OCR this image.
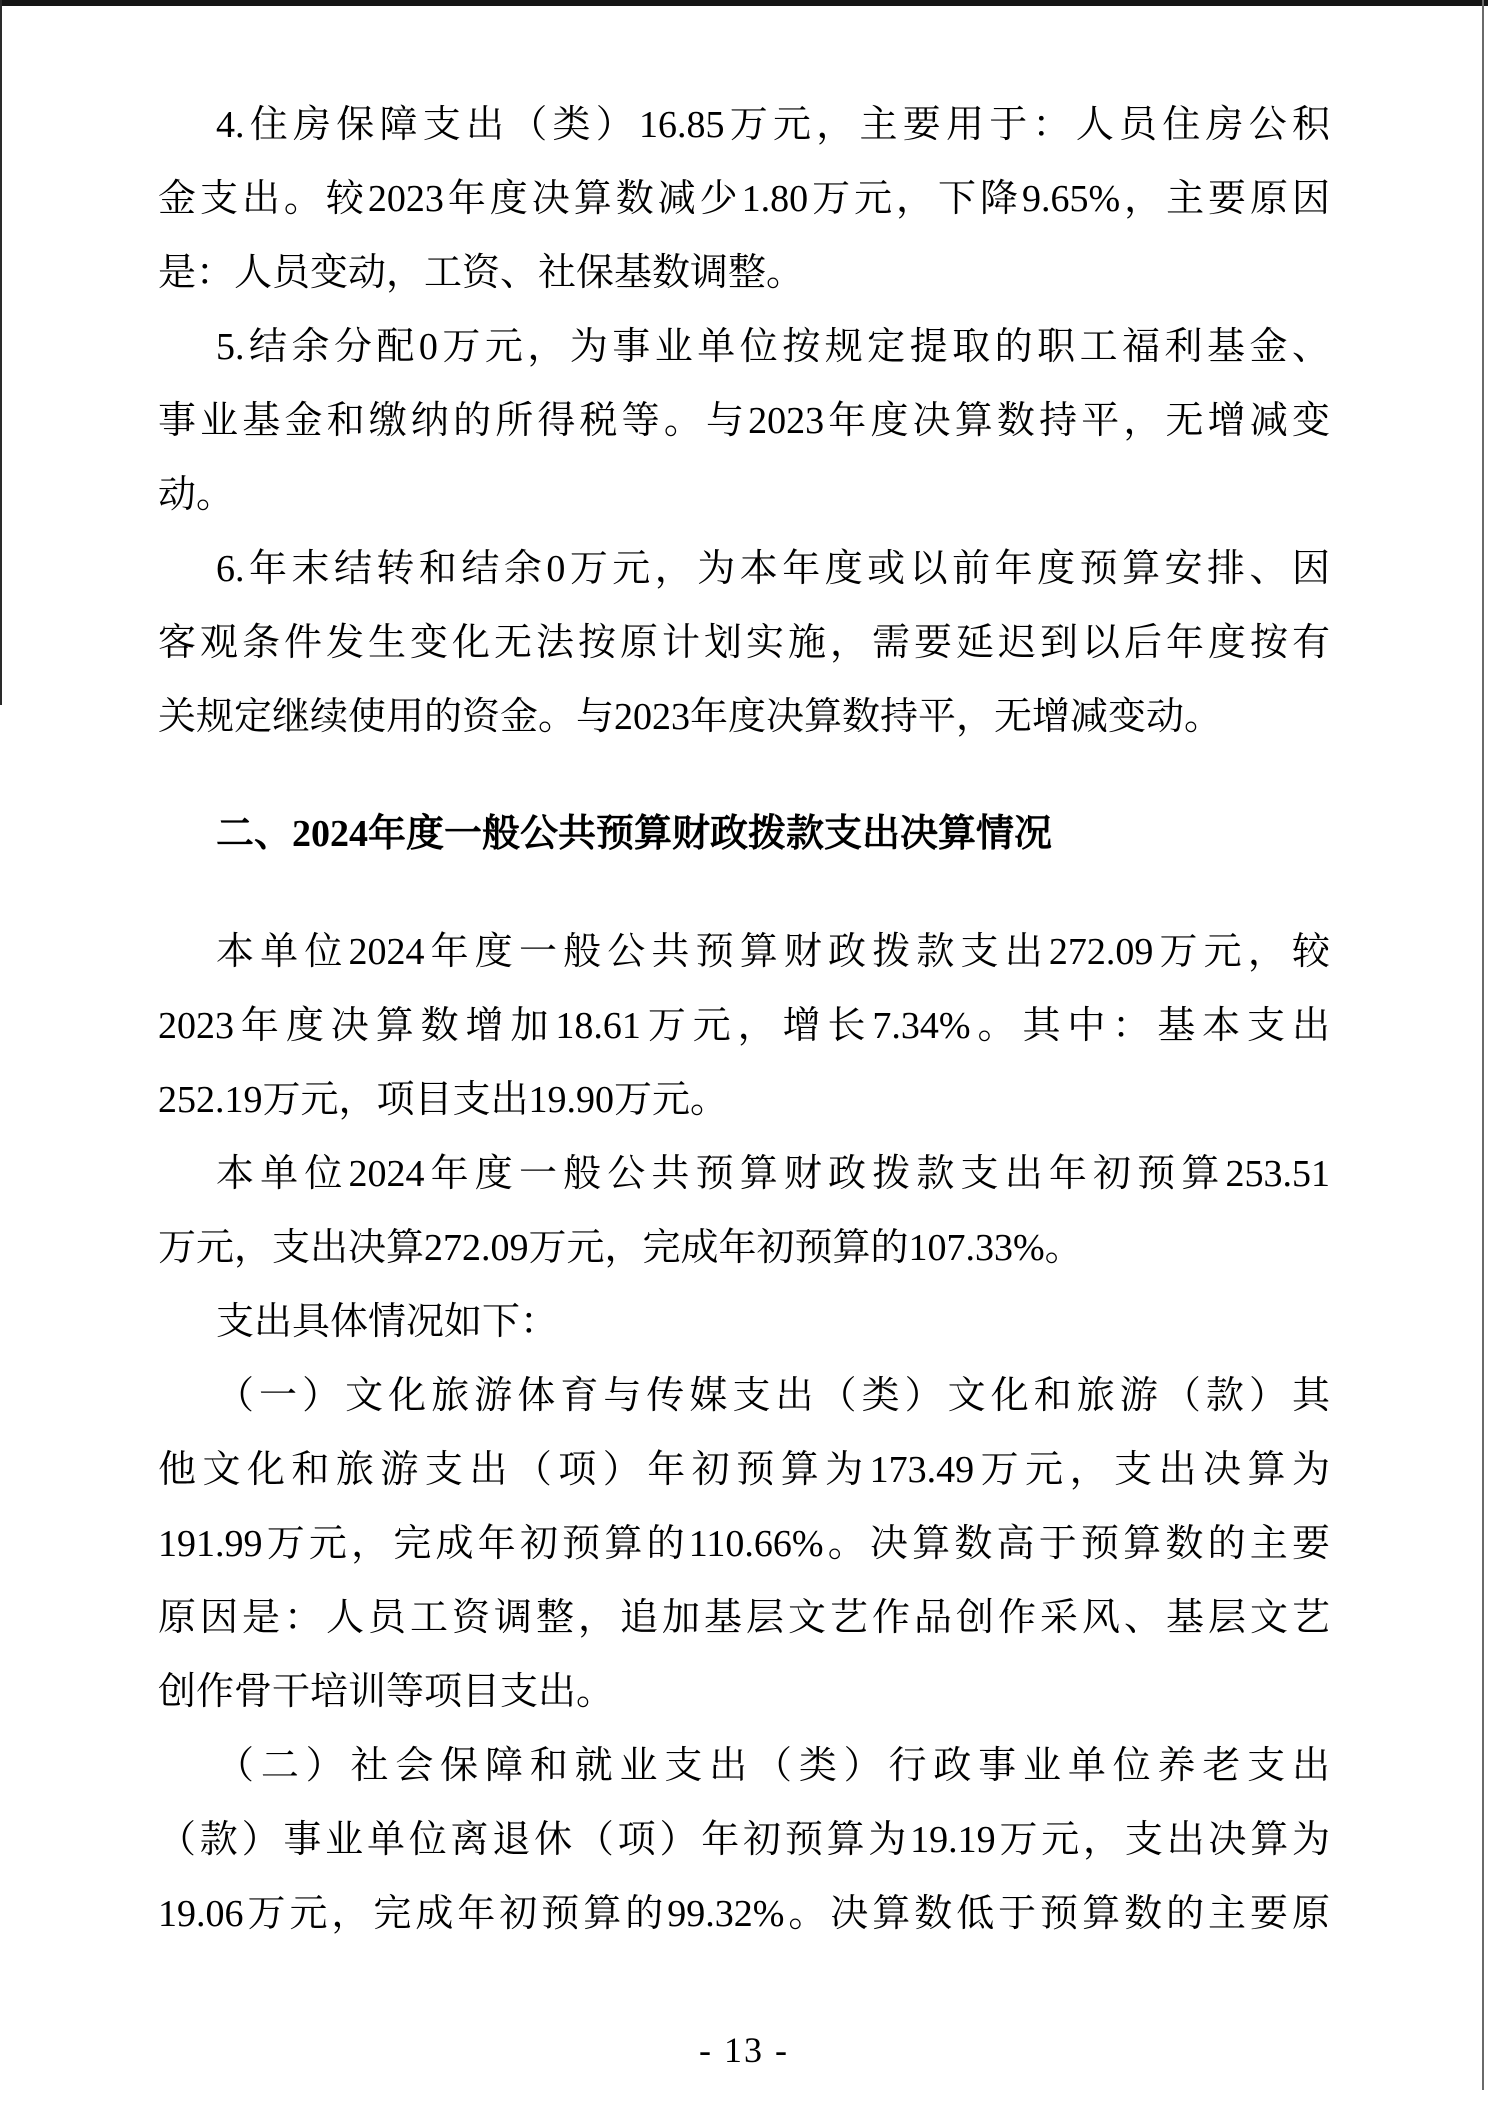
4.住房保障支出（类）16.85万元，主要用于：人员住房公积
金支出。较2023年度决算数减少1.80万元，下降9.65%，主要原因
是：人员变动，工资、社保基数调整。
5.结余分配0万元，为事业单位按规定提取的职工福利基金、
事业基金和缴纳的所得税等。与2023年度决算数持平，无增减变
动。
6.年末结转和结余0万元，为本年度或以前年度预算安排、因
客观条件发生变化无法按原计划实施，需要延迟到以后年度按有
关规定继续使用的资金。与2023年度决算数持平，无增减变动。
二、2024年度一般公共预算财政拨款支出决算情况
本单位2024年度一般公共预算财政拨款支出272.09万元，较
2023年度决算数增加18.61万元，增长7.34%。其中：基本支出
252.19万元，项目支出19.90万元。
本单位2024年度一般公共预算财政拨款支出年初预算253.51
万元，支出决算272.09万元，完成年初预算的107.33%。
支出具体情况如下：
（一）文化旅游体育与传媒支出（类）文化和旅游（款）其
他文化和旅游支出（项）年初预算为173.49万元，支出决算为
191.99万元，完成年初预算的110.66%。决算数高于预算数的主要
原因是：人员工资调整，追加基层文艺作品创作采风、基层文艺
创作骨干培训等项目支出。
（二）社会保障和就业支出（类）行政事业单位养老支出
（款）事业单位离退休（项）年初预算为19.19万元，支出决算为
19.06万元，完成年初预算的99.32%。决算数低于预算数的主要原
- 13 -
